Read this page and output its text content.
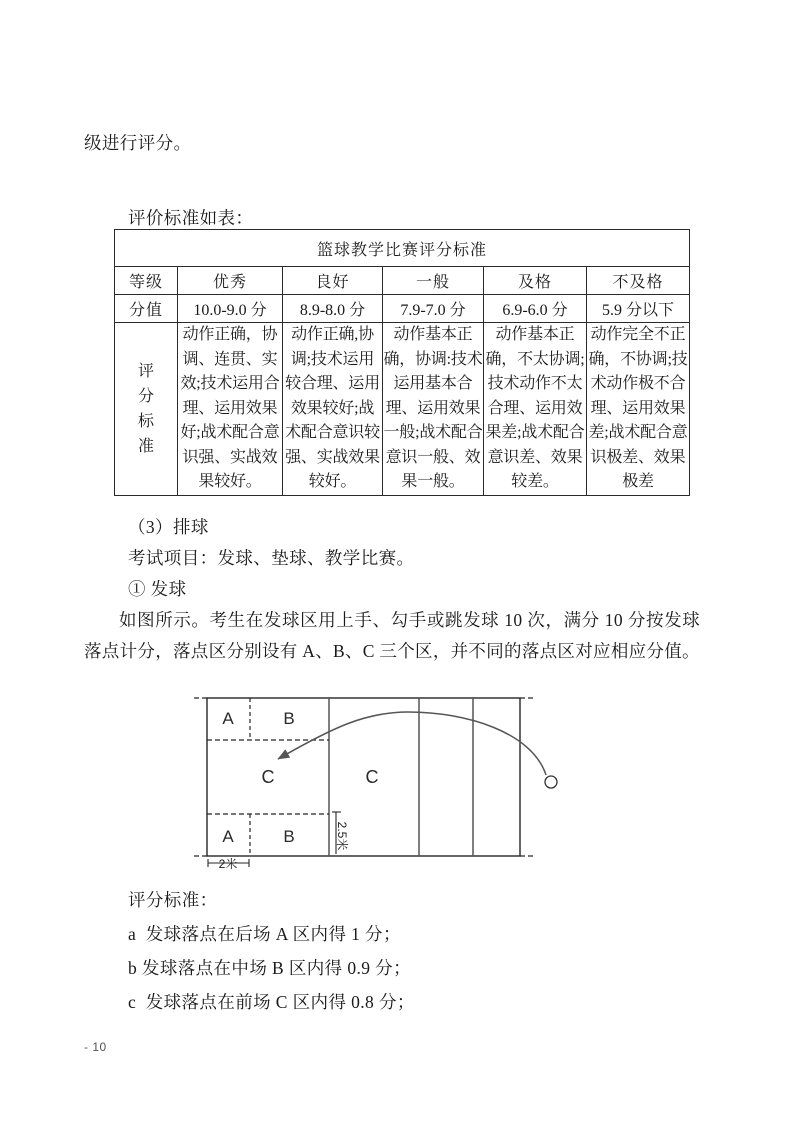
级进行评分。
评价标准如表：
篮球教学比赛评分标准					
等级	优秀	良好	一般	及格	不及格
分值	10.0-9.0 分	8.9-8.0 分	7.9-7.0 分	6.9-6.0 分	5.9 分以下

评
分
标
准	动作正确，协调、连贯、实效;技术运用合理、运用效果好;战术配合意识强、实战效果较好。	动作正确,协调;技术运用较合理、运用效果较好;战术配合意识较强、实战效果较好。	动作基本正确，协调:技术运用基本合理、运用效果一般;战术配合意识一般、效果一般。	动作基本正确，不太协调;技术动作不太合理、运用效果差;战术配合意识差、效果较差。	动作完全不正确，不协调;技术动作极不合理、运用效果差;战术配合意识极差、效果极差
（3）排球
考试项目：发球、垫球、教学比赛。
① 发球
如图所示。考生在发球区用上手、勾手或跳发球 10 次，满分 10 分按发球落点计分，落点区分别设有 A、B、C 三个区，并不同的落点区对应相应分值。
A	B
C	C
A	B
2米
2.5米
评分标准：
a  发球落点在后场 A 区内得 1 分；
b 发球落点在中场 B 区内得 0.9 分；
c  发球落点在前场 C 区内得 0.8 分；
- 10
